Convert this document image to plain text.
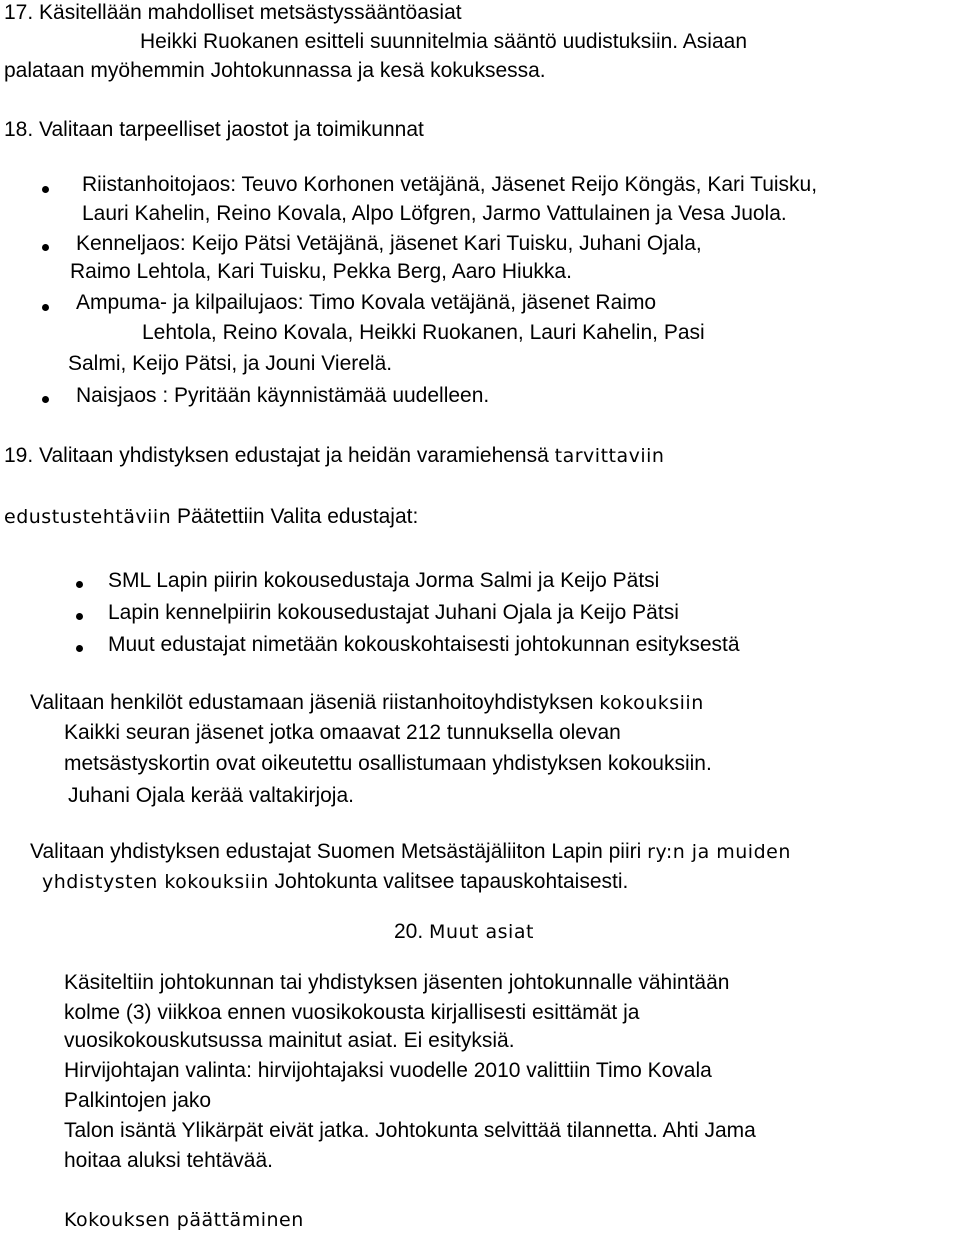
17. Käsitellään mahdolliset metsästyssääntöasiat
Heikki Ruokanen esitteli suunnitelmia sääntö uudistuksiin. Asiaan
palataan myöhemmin Johtokunnassa ja kesä kokuksessa.
18. Valitaan tarpeelliset jaostot ja toimikunnat
Riistanhoitojaos: Teuvo Korhonen vetäjänä, Jäsenet Reijo Köngäs, Kari Tuisku,
Lauri Kahelin, Reino Kovala, Alpo Löfgren, Jarmo Vattulainen ja Vesa Juola.
Kenneljaos: Keijo Pätsi Vetäjänä, jäsenet Kari Tuisku, Juhani Ojala,
Raimo Lehtola, Kari Tuisku, Pekka Berg, Aaro Hiukka.
Ampuma- ja kilpailujaos: Timo Kovala vetäjänä, jäsenet Raimo
Lehtola, Reino Kovala, Heikki Ruokanen, Lauri Kahelin, Pasi
Salmi, Keijo Pätsi, ja Jouni Vierelä.
Naisjaos : Pyritään käynnistämää uudelleen.
19. Valitaan yhdistyksen edustajat ja heidän varamiehensä tarvittaviin
edustustehtäviin Päätettiin Valita edustajat:
SML Lapin piirin kokousedustaja Jorma Salmi ja Keijo Pätsi
Lapin kennelpiirin kokousedustajat Juhani Ojala ja Keijo Pätsi
Muut edustajat nimetään kokouskohtaisesti johtokunnan esityksestä
Valitaan henkilöt edustamaan jäseniä riistanhoitoyhdistyksen kokouksiin
Kaikki seuran jäsenet jotka omaavat 212 tunnuksella olevan
metsästyskortin ovat oikeutettu osallistumaan yhdistyksen kokouksiin.
Juhani Ojala kerää valtakirjoja.
Valitaan yhdistyksen edustajat Suomen Metsästäjäliiton Lapin piiri ry:n ja muiden
yhdistysten kokouksiin Johtokunta valitsee tapauskohtaisesti.
20. Muut asiat
Käsiteltiin johtokunnan tai yhdistyksen jäsenten johtokunnalle vähintään
kolme (3) viikkoa ennen vuosikokousta kirjallisesti esittämät ja
vuosikokouskutsussa mainitut asiat. Ei esityksiä.
Hirvijohtajan valinta: hirvijohtajaksi vuodelle 2010 valittiin Timo Kovala
Palkintojen jako
Talon isäntä Ylikärpät eivät jatka. Johtokunta selvittää tilannetta. Ahti Jama
hoitaa aluksi tehtävää.
Kokouksen päättäminen
